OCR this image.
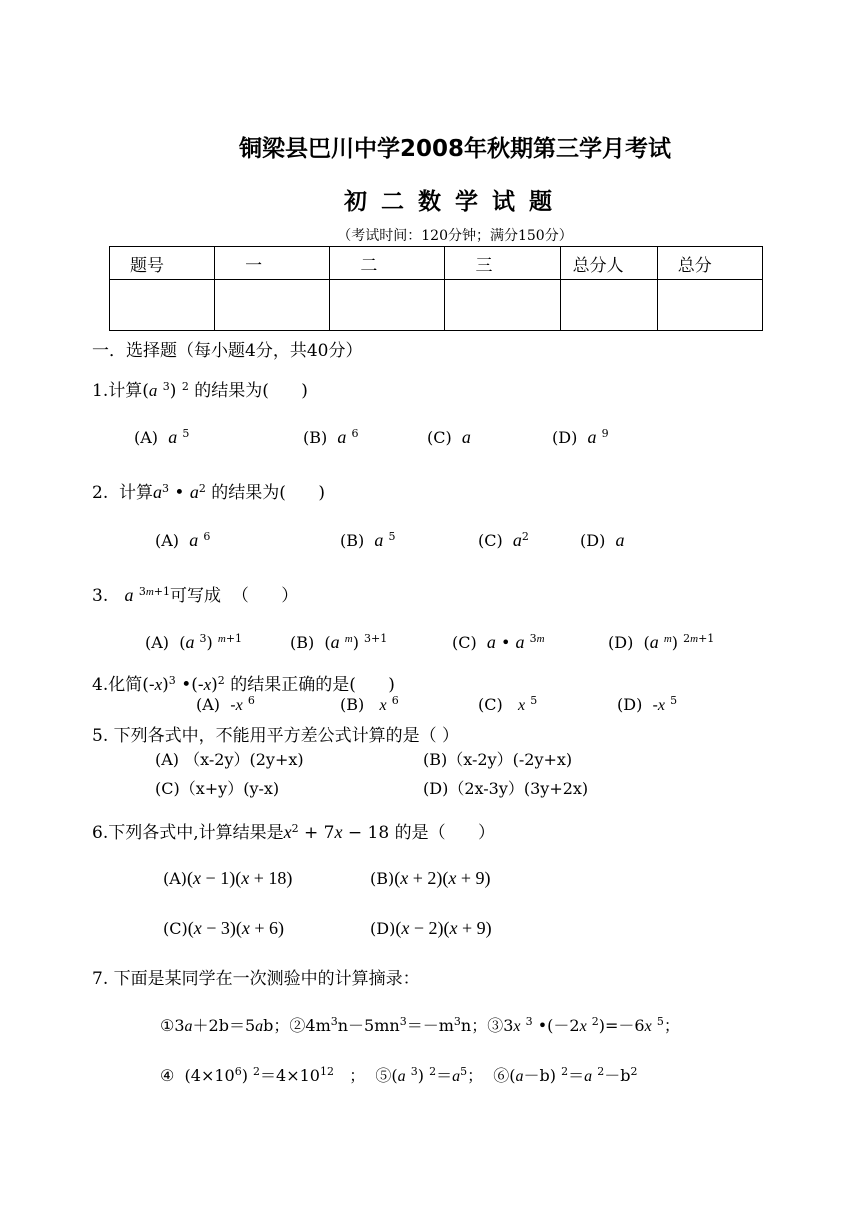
铜梁县巴川中学2008年秋期第三学月考试
初二数学试题
（考试时间：120分钟；满分150分）
题号	一	二	三	总分人	总分

一．选择题（每小题4分，共40分）
1.计算(a $^3$) $^2$ 的结果为(      )
(A)  a $^5$	(B)  a $^6$	(C)  a	(D)  a $^9$
2.  计算$a^3$ • $a^2$ 的结果为(      )
(A)  a $^6$	(B)  a $^5$	(C)  $a^2$	(D)  a
3.   a $^{3m+1}$可写成  （      ）
(A)  (a $^3$) $^{m+1}$	(B)  (a $^m$) $^{3+1}$	(C)  a • a $^{3m}$	(D)  (a $^m$) $^{2m+1}$
4.化简$(-x)^3$ $•(-x)^2$ 的结果正确的是(      )
(A)  -x $^6$	(B)   x $^6$	(C)   x $^5$	(D)  -x $^5$
5. 下列各式中，不能用平方差公式计算的是（ ）
(A) （x-2y）(2y+x)	(B)（x-2y）(-2y+x)
(C)（x+y）(y-x)	(D)（2x-3y）(3y+2x)
6.下列各式中,计算结果是$x^2 + 7x - 18$ 的是（      ）
(A)(x − 1)(x + 18)	(B)(x + 2)(x + 9)
(C)(x − 3)(x + 6)	(D)(x − 2)(x + 9)
7. 下面是某同学在一次测验中的计算摘录：
①3a＋2b＝5ab；$②4m^3n-5mn^3=-m^3n$；③3x $^3$ •(－2x $^2$)=－6x $^5$；
④  $(4\times 10^6)$ $^2=4\times 10^{12}$   ；  ⑤(a $^3$) $^2=a^5$；  ⑥(a－b) $^2$＝a $^2-b^2$
